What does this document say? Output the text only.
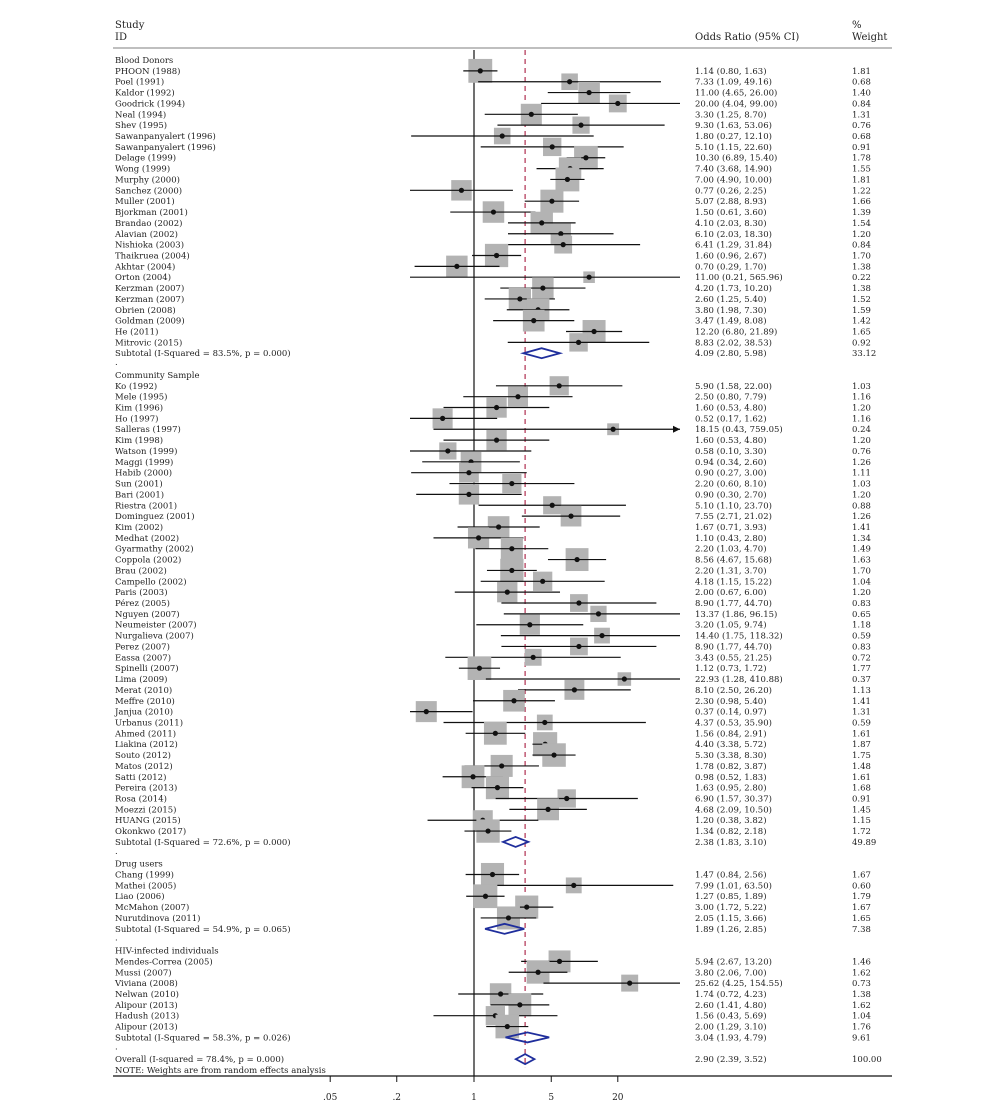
Study
ID	Odds Ratio (95% CI)
%
Weight
Blood Donors
PHOON (1988)	1.14 (0.80, 1.63)	1.81
Poel (1991)	7.33 (1.09, 49.16)	0.68
Kaldor (1992)	11.00 (4.65, 26.00)	1.40
Goodrick (1994)	20.00 (4.04, 99.00)	0.84
Neal (1994)	3.30 (1.25, 8.70)	1.31
Shev (1995)	9.30 (1.63, 53.06)	0.76
Sawanpanyalert (1996)	1.80 (0.27, 12.10)	0.68
Sawanpanyalert (1996)	5.10 (1.15, 22.60)	0.91
Delage (1999)	10.30 (6.89, 15.40)	1.78
Wong (1999)	7.40 (3.68, 14.90)	1.55
Murphy (2000)	7.00 (4.90, 10.00)	1.81
Sanchez (2000)	0.77 (0.26, 2.25)	1.22
Muller (2001)	5.07 (2.88, 8.93)	1.66
Bjorkman (2001)	1.50 (0.61, 3.60)	1.39
Brandao (2002)	4.10 (2.03, 8.30)	1.54
Alavian (2002)	6.10 (2.03, 18.30)	1.20
Nishioka (2003)	6.41 (1.29, 31.84)	0.84
Thaikruea (2004)	1.60 (0.96, 2.67)	1.70
Akhtar (2004)	0.70 (0.29, 1.70)	1.38
Orton (2004)	11.00 (0.21, 565.96)	0.22
Kerzman (2007)	4.20 (1.73, 10.20)	1.38
Kerzman (2007)	2.60 (1.25, 5.40)	1.52
Obrien (2008)	3.80 (1.98, 7.30)	1.59
Goldman (2009)	3.47 (1.49, 8.08)	1.42
He (2011)	12.20 (6.80, 21.89)	1.65
Mitrovic (2015)	8.83 (2.02, 38.53)	0.92
Subtotal (I-Squared = 83.5%, p = 0.000)	4.09 (2.80, 5.98)	33.12
.
Community Sample
Ko (1992)	5.90 (1.58, 22.00)	1.03
Mele (1995)	2.50 (0.80, 7.79)	1.16
Kim (1996)	1.60 (0.53, 4.80)	1.20
Ho (1997)	0.52 (0.17, 1.62)	1.16
Salleras (1997)	18.15 (0.43, 759.05)	0.24
Kim (1998)	1.60 (0.53, 4.80)	1.20
Watson (1999)	0.58 (0.10, 3.30)	0.76
Maggi (1999)	0.94 (0.34, 2.60)	1.26
Habib (2000)	0.90 (0.27, 3.00)	1.11
Sun (2001)	2.20 (0.60, 8.10)	1.03
Bari (2001)	0.90 (0.30, 2.70)	1.20
Riestra (2001)	5.10 (1.10, 23.70)	0.88
Dominguez (2001)	7.55 (2.71, 21.02)	1.26
Kim (2002)	1.67 (0.71, 3.93)	1.41
Medhat (2002)	1.10 (0.43, 2.80)	1.34
Gyarmathy (2002)	2.20 (1.03, 4.70)	1.49
Coppola (2002)	8.56 (4.67, 15.68)	1.63
Brau (2002)	2.20 (1.31, 3.70)	1.70
Campello (2002)	4.18 (1.15, 15.22)	1.04
Paris (2003)	2.00 (0.67, 6.00)	1.20
Pérez (2005)	8.90 (1.77, 44.70)	0.83
Nguyen (2007)	13.37 (1.86, 96.15)	0.65
Neumeister (2007)	3.20 (1.05, 9.74)	1.18
Nurgalieva (2007)	14.40 (1.75, 118.32)	0.59
Perez (2007)	8.90 (1.77, 44.70)	0.83
Eassa (2007)	3.43 (0.55, 21.25)	0.72
Spinelli (2007)	1.12 (0.73, 1.72)	1.77
Lima (2009)	22.93 (1.28, 410.88)	0.37
Merat (2010)	8.10 (2.50, 26.20)	1.13
Meffre (2010)	2.30 (0.98, 5.40)	1.41
Janjua (2010)	0.37 (0.14, 0.97)	1.31
Urbanus (2011)	4.37 (0.53, 35.90)	0.59
Ahmed (2011)	1.56 (0.84, 2.91)	1.61
Liakina (2012)	4.40 (3.38, 5.72)	1.87
Souto (2012)	5.30 (3.38, 8.30)	1.75
Matos (2012)	1.78 (0.82, 3.87)	1.48
Satti (2012)	0.98 (0.52, 1.83)	1.61
Pereira (2013)	1.63 (0.95, 2.80)	1.68
Rosa (2014)	6.90 (1.57, 30.37)	0.91
Moezzi (2015)	4.68 (2.09, 10.50)	1.45
HUANG (2015)	1.20 (0.38, 3.82)	1.15
Okonkwo (2017)	1.34 (0.82, 2.18)	1.72
Subtotal (I-Squared = 72.6%, p = 0.000)	2.38 (1.83, 3.10)	49.89
.
Drug users
Chang (1999)	1.47 (0.84, 2.56)	1.67
Mathei (2005)	7.99 (1.01, 63.50)	0.60
Liao (2006)	1.27 (0.85, 1.89)	1.79
McMahon (2007)	3.00 (1.72, 5.22)	1.67
Nurutdinova (2011)	2.05 (1.15, 3.66)	1.65
Subtotal (I-Squared = 54.9%, p = 0.065)	1.89 (1.26, 2.85)	7.38
.
HIV-infected individuals
Mendes-Correa (2005)	5.94 (2.67, 13.20)	1.46
Mussi (2007)	3.80 (2.06, 7.00)	1.62
Viviana (2008)	25.62 (4.25, 154.55)	0.73
Nelwan (2010)	1.74 (0.72, 4.23)	1.38
Alipour (2013)	2.60 (1.41, 4.80)	1.62
Hadush (2013)	1.56 (0.43, 5.69)	1.04
Alipour (2013)	2.00 (1.29, 3.10)	1.76
Subtotal (I-Squared = 58.3%, p = 0.026)	3.04 (1.93, 4.79)	9.61
.
Overall (I-squared = 78.4%, p = 0.000)	2.90 (2.39, 3.52)	100.00
NOTE: Weights are from random effects analysis
.05	.2	1	5	20
